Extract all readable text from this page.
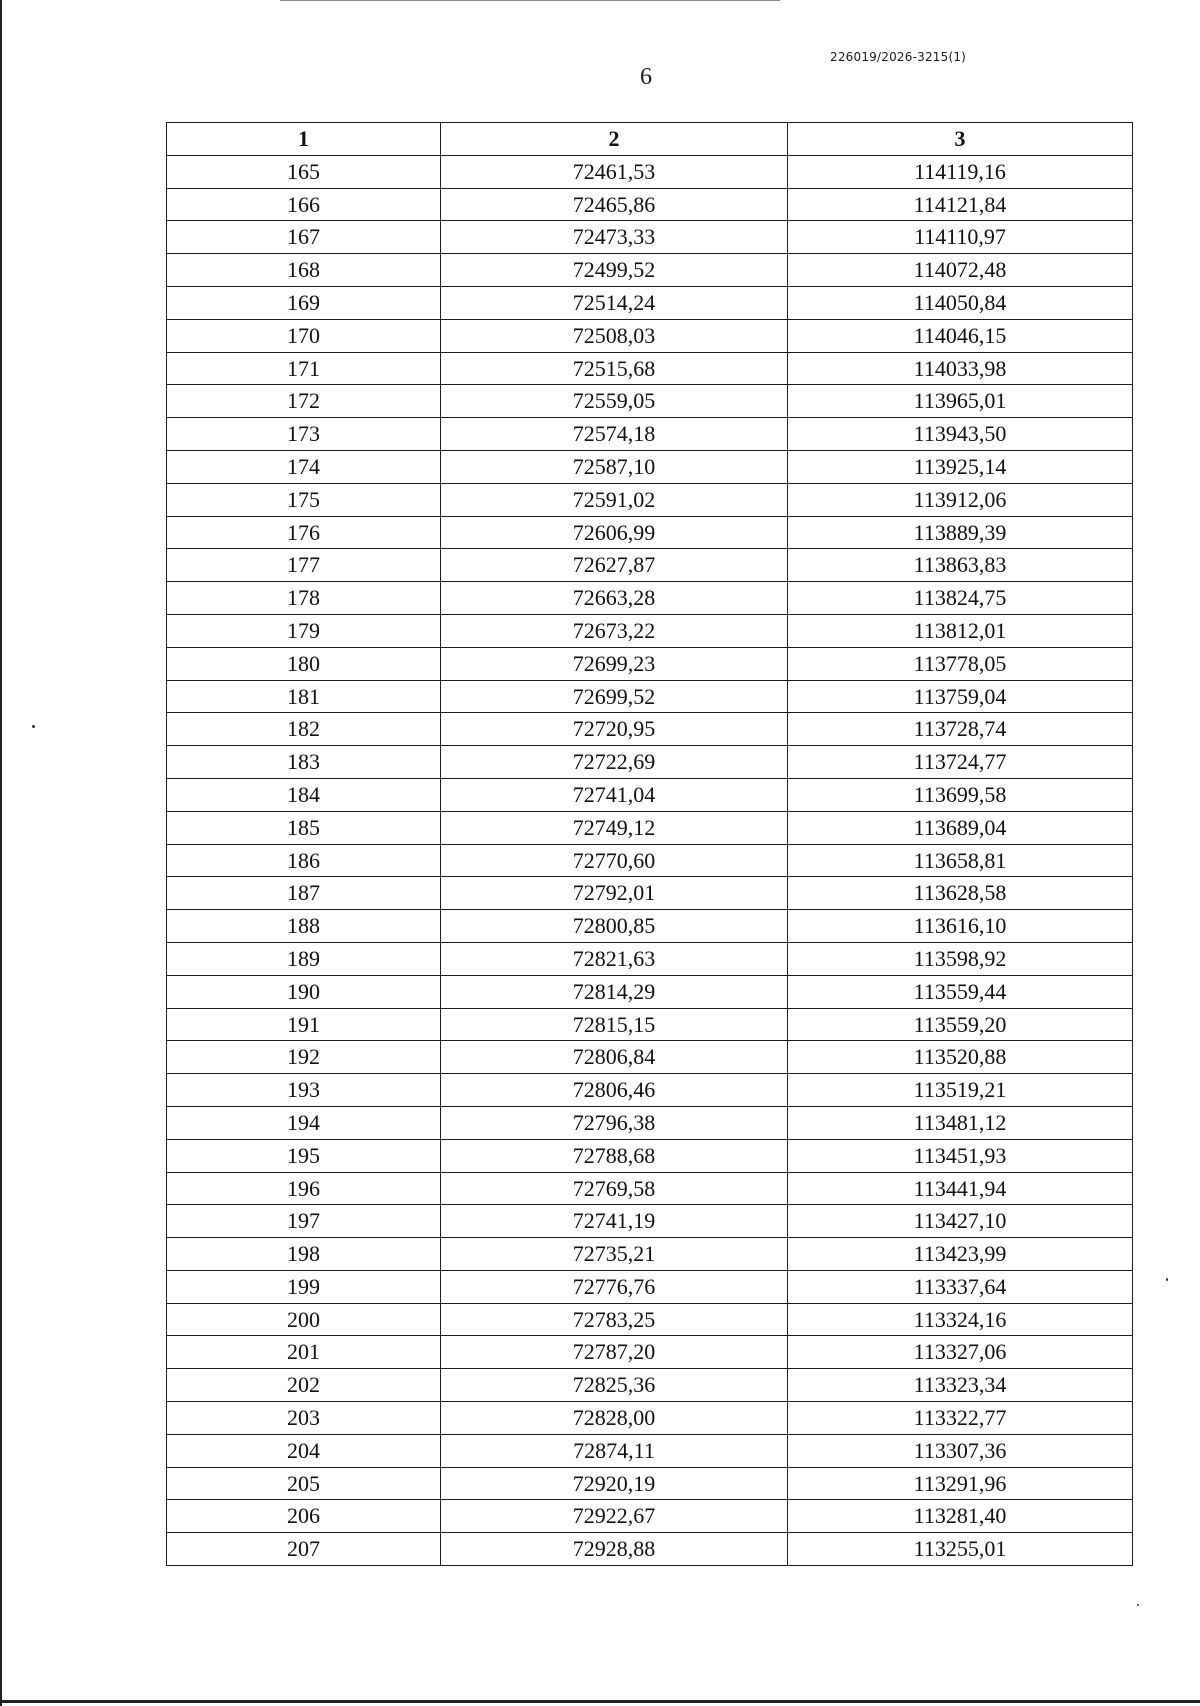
226019/2026-3215(1)
6
1	2	3
165	72461,53	114119,16
166	72465,86	114121,84
167	72473,33	114110,97
168	72499,52	114072,48
169	72514,24	114050,84
170	72508,03	114046,15
171	72515,68	114033,98
172	72559,05	113965,01
173	72574,18	113943,50
174	72587,10	113925,14
175	72591,02	113912,06
176	72606,99	113889,39
177	72627,87	113863,83
178	72663,28	113824,75
179	72673,22	113812,01
180	72699,23	113778,05
181	72699,52	113759,04
182	72720,95	113728,74
183	72722,69	113724,77
184	72741,04	113699,58
185	72749,12	113689,04
186	72770,60	113658,81
187	72792,01	113628,58
188	72800,85	113616,10
189	72821,63	113598,92
190	72814,29	113559,44
191	72815,15	113559,20
192	72806,84	113520,88
193	72806,46	113519,21
194	72796,38	113481,12
195	72788,68	113451,93
196	72769,58	113441,94
197	72741,19	113427,10
198	72735,21	113423,99
199	72776,76	113337,64
200	72783,25	113324,16
201	72787,20	113327,06
202	72825,36	113323,34
203	72828,00	113322,77
204	72874,11	113307,36
205	72920,19	113291,96
206	72922,67	113281,40
207	72928,88	113255,01
